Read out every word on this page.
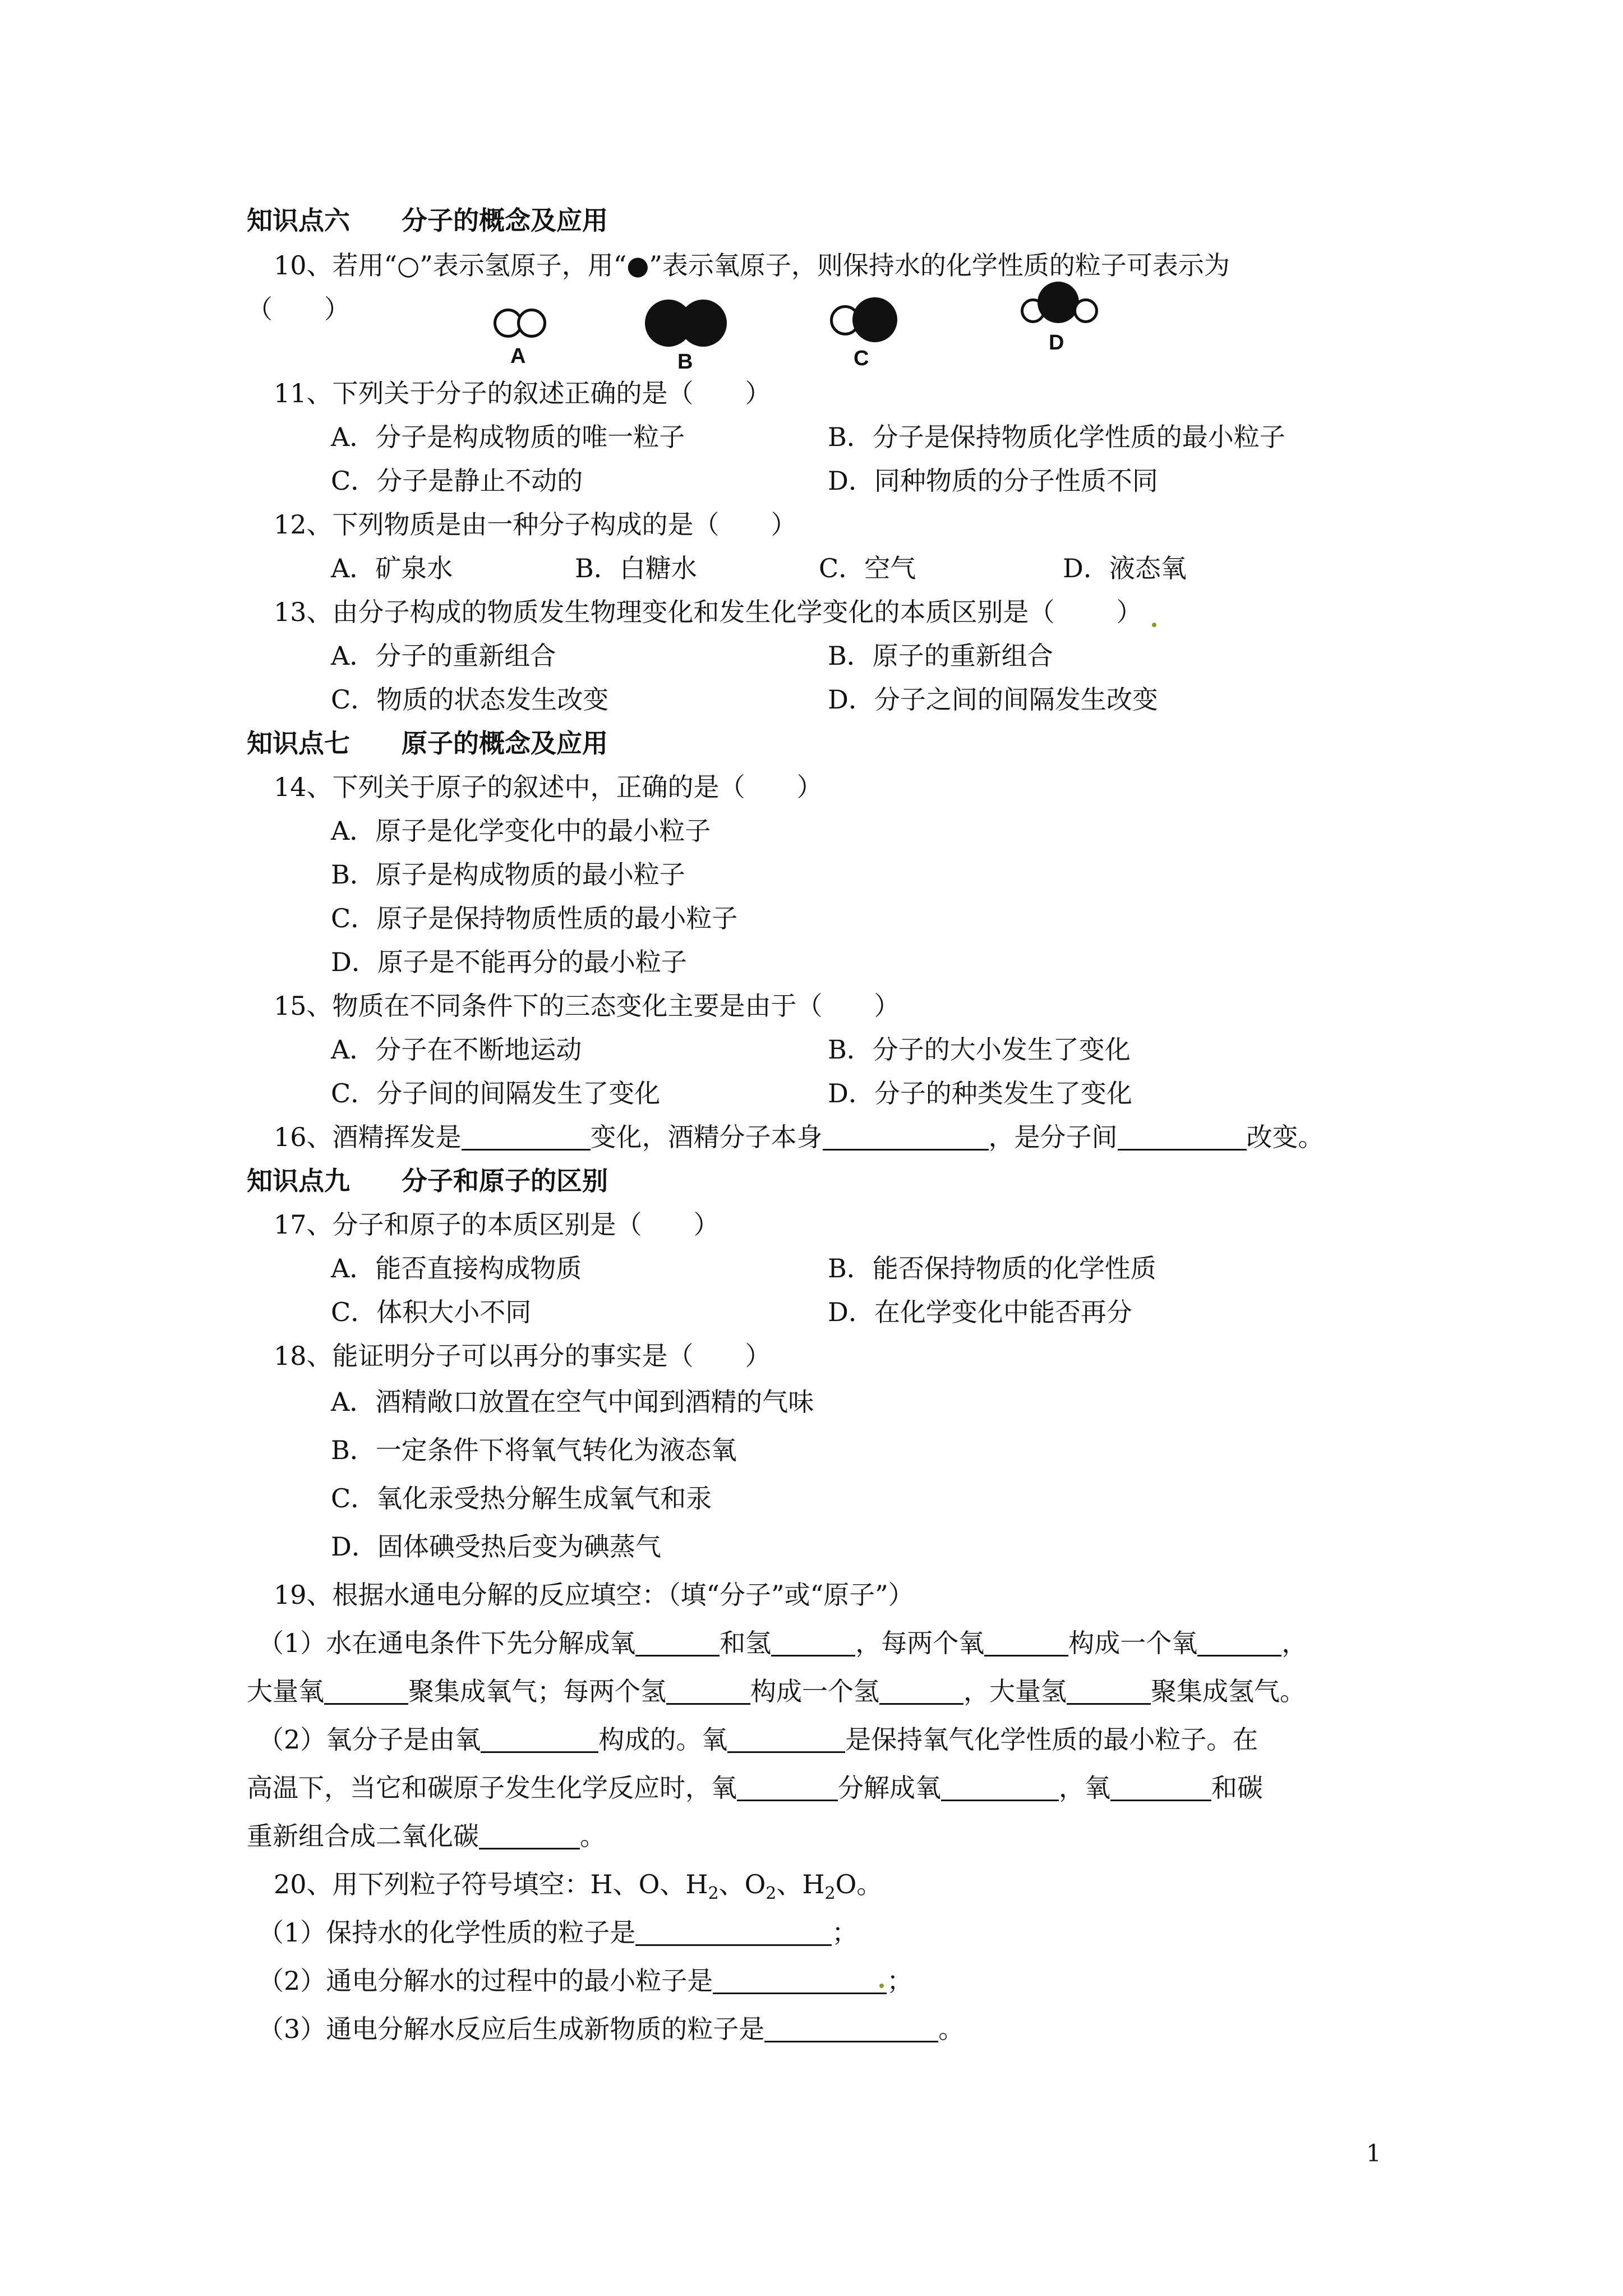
知识点六　　分子的概念及应用
10、若用“○”表示氢原子，用“●”表示氧原子，则保持水的化学性质的粒子可表示为
（　　）
A	B	C
D
11、下列关于分子的叙述正确的是（　　）
A．分子是构成物质的唯一粒子	B．分子是保持物质化学性质的最小粒子
C．分子是静止不动的	D．同种物质的分子性质不同
12、下列物质是由一种分子构成的是（　　）
A．矿泉水	B．白糖水	C．空气	D．液态氧
13、由分子构成的物质发生物理变化和发生化学变化的本质区别是（ ）
A．分子的重新组合	B．原子的重新组合
C．物质的状态发生改变	D．分子之间的间隔发生改变
知识点七　　原子的概念及应用
14、下列关于原子的叙述中，正确的是（　　）
A．原子是化学变化中的最小粒子
B．原子是构成物质的最小粒子
C．原子是保持物质性质的最小粒子
D．原子是不能再分的最小粒子
15、物质在不同条件下的三态变化主要是由于（　　）
A．分子在不断地运动	B．分子的大小发生了变化
C．分子间的间隔发生了变化	D．分子的种类发生了变化
16、酒精挥发是	变化，酒精分子本身	，是分子间	改变。
知识点九　　分子和原子的区别
17、分子和原子的本质区别是（　　）
A．能否直接构成物质	B．能否保持物质的化学性质
C．体积大小不同	D．在化学变化中能否再分
18、能证明分子可以再分的事实是（　　）
A．酒精敞口放置在空气中闻到酒精的气味
B．一定条件下将氧气转化为液态氧
C．氧化汞受热分解生成氧气和汞
D．固体碘受热后变为碘蒸气
19、根据水通电分解的反应填空：（填“分子”或“原子”）
（1）水在通电条件下先分解成氧	和氢	，每两个氧	构成一个氧	，
大量氧	聚集成氧气；每两个氢	构成一个氢	，大量氢	聚集成氢气。
（2）氧分子是由氧	构成的。氧	是保持氧气化学性质的最小粒子。在
高温下，当它和碳原子发生化学反应时，氧	分解成氧	，氧	和碳
重新组合成二氧化碳	。
20、用下列粒子符号填空：H、O、$H_2$、$O_2$、$H_2O$。
（1）保持水的化学性质的粒子是	；
（2）通电分解水的过程中的最小粒子是	；
（3）通电分解水反应后生成新物质的粒子是	。
1
